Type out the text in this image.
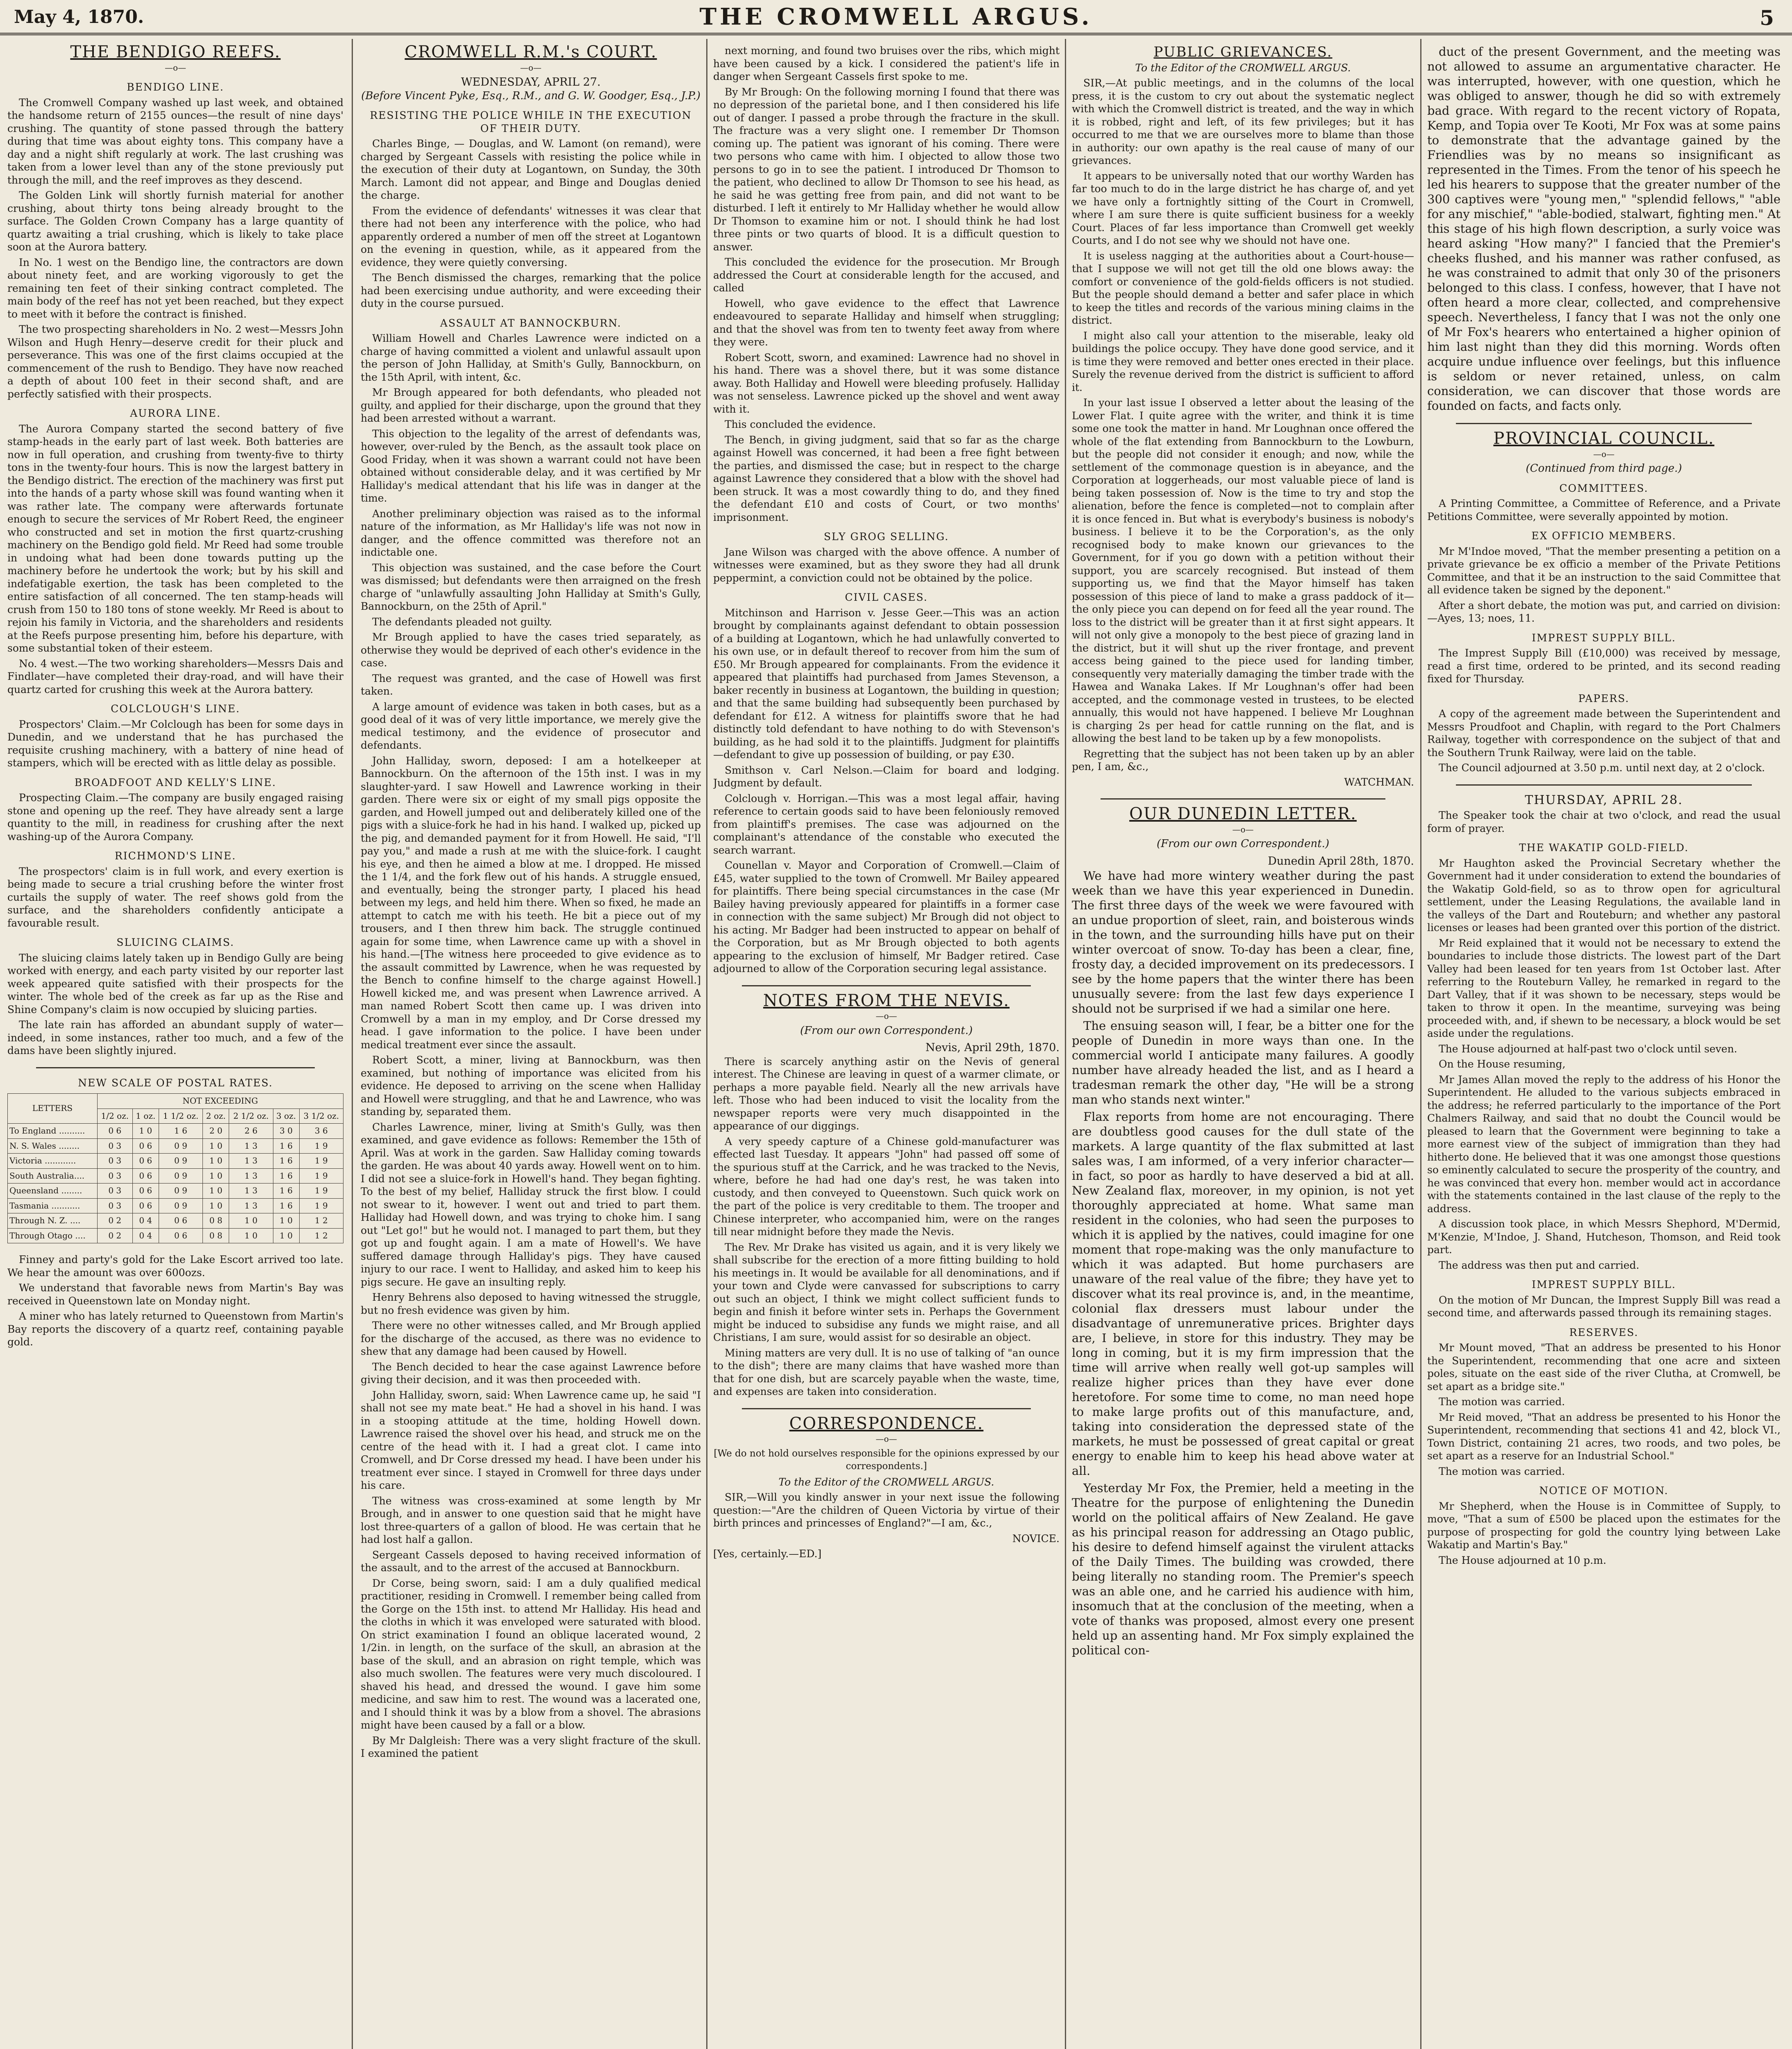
May 4, 1870.	THE CROMWELL ARGUS.	5
THE BENDIGO REEFS.
—o—
BENDIGO LINE.

The Cromwell Company washed up last week, and obtained the handsome return of 2155 ounces—the result of nine days' crushing. The quantity of stone passed through the battery during that time was about eighty tons. This company have a day and a night shift regularly at work. The last crushing was taken from a lower level than any of the stone previously put through the mill, and the reef improves as they descend.

The Golden Link will shortly furnish material for another crushing, about thirty tons being already brought to the surface. The Golden Crown Company has a large quantity of quartz awaiting a trial crushing, which is likely to take place soon at the Aurora battery.

In No. 1 west on the Bendigo line, the contractors are down about ninety feet, and are working vigorously to get the remaining ten feet of their sinking contract completed. The main body of the reef has not yet been reached, but they expect to meet with it before the contract is finished.

The two prospecting shareholders in No. 2 west—Messrs John Wilson and Hugh Henry—deserve credit for their pluck and perseverance. This was one of the first claims occupied at the commencement of the rush to Bendigo. They have now reached a depth of about 100 feet in their second shaft, and are perfectly satisfied with their prospects.

AURORA LINE.

The Aurora Company started the second battery of five stamp-heads in the early part of last week. Both batteries are now in full operation, and crushing from twenty-five to thirty tons in the twenty-four hours. This is now the largest battery in the Bendigo district. The erection of the machinery was first put into the hands of a party whose skill was found wanting when it was rather late. The company were afterwards fortunate enough to secure the services of Mr Robert Reed, the engineer who constructed and set in motion the first quartz-crushing machinery on the Bendigo gold field. Mr Reed had some trouble in undoing what had been done towards putting up the machinery before he undertook the work; but by his skill and indefatigable exertion, the task has been completed to the entire satisfaction of all concerned. The ten stamp-heads will crush from 150 to 180 tons of stone weekly. Mr Reed is about to rejoin his family in Victoria, and the shareholders and residents at the Reefs purpose presenting him, before his departure, with some substantial token of their esteem.

No. 4 west.—The two working shareholders—Messrs Dais and Findlater—have completed their dray-road, and will have their quartz carted for crushing this week at the Aurora battery.

COLCLOUGH'S LINE.

Prospectors' Claim.—Mr Colclough has been for some days in Dunedin, and we understand that he has purchased the requisite crushing machinery, with a battery of nine head of stampers, which will be erected with as little delay as possible.

BROADFOOT AND KELLY'S LINE.

Prospecting Claim.—The company are busily engaged raising stone and opening up the reef. They have already sent a large quantity to the mill, in readiness for crushing after the next washing-up of the Aurora Company.

RICHMOND'S LINE.

The prospectors' claim is in full work, and every exertion is being made to secure a trial crushing before the winter frost curtails the supply of water. The reef shows gold from the surface, and the shareholders confidently anticipate a favourable result.

SLUICING CLAIMS.

The sluicing claims lately taken up in Bendigo Gully are being worked with energy, and each party visited by our reporter last week appeared quite satisfied with their prospects for the winter. The whole bed of the creek as far up as the Rise and Shine Company's claim is now occupied by sluicing parties.

The late rain has afforded an abundant supply of water—indeed, in some instances, rather too much, and a few of the dams have been slightly injured.

NEW SCALE OF POSTAL RATES.
LETTERS	NOT EXCEEDING						
	1/2 oz.	1 oz.	1 1/2 oz.	2 oz.	2 1/2 oz.	3 oz.	3 1/2 oz.
To England ..........	0 6	1 0	1 6	2 0	2 6	3 0	3 6
N. S. Wales ........	0 3	0 6	0 9	1 0	1 3	1 6	1 9
Victoria ............	0 3	0 6	0 9	1 0	1 3	1 6	1 9
South Australia....	0 3	0 6	0 9	1 0	1 3	1 6	1 9
Queensland ........	0 3	0 6	0 9	1 0	1 3	1 6	1 9
Tasmania ...........	0 3	0 6	0 9	1 0	1 3	1 6	1 9
Through N. Z. ....	0 2	0 4	0 6	0 8	1 0	1 0	1 2
Through Otago ....	0 2	0 4	0 6	0 8	1 0	1 0	1 2

Finney and party's gold for the Lake Escort arrived too late. We hear the amount was over 600ozs.

We understand that favorable news from Martin's Bay was received in Queenstown late on Monday night.

A miner who has lately returned to Queenstown from Martin's Bay reports the discovery of a quartz reef, containing payable gold.

CROMWELL R.M.'s COURT.
—o—
WEDNESDAY, APRIL 27.
(Before Vincent Pyke, Esq., R.M., and G. W. Goodger, Esq., J.P.)
RESISTING THE POLICE WHILE IN THE EXECUTION OF THEIR DUTY.

Charles Binge, — Douglas, and W. Lamont (on remand), were charged by Sergeant Cassels with resisting the police while in the execution of their duty at Logantown, on Sunday, the 30th March. Lamont did not appear, and Binge and Douglas denied the charge.

From the evidence of defendants' witnesses it was clear that there had not been any interference with the police, who had apparently ordered a number of men off the street at Logantown on the evening in question, while, as it appeared from the evidence, they were quietly conversing.

The Bench dismissed the charges, remarking that the police had been exercising undue authority, and were exceeding their duty in the course pursued.

ASSAULT AT BANNOCKBURN.

William Howell and Charles Lawrence were indicted on a charge of having committed a violent and unlawful assault upon the person of John Halliday, at Smith's Gully, Bannockburn, on the 15th April, with intent, &c.

Mr Brough appeared for both defendants, who pleaded not guilty, and applied for their discharge, upon the ground that they had been arrested without a warrant.

This objection to the legality of the arrest of defendants was, however, over-ruled by the Bench, as the assault took place on Good Friday, when it was shown a warrant could not have been obtained without considerable delay, and it was certified by Mr Halliday's medical attendant that his life was in danger at the time.

Another preliminary objection was raised as to the informal nature of the information, as Mr Halliday's life was not now in danger, and the offence committed was therefore not an indictable one.

This objection was sustained, and the case before the Court was dismissed; but defendants were then arraigned on the fresh charge of "unlawfully assaulting John Halliday at Smith's Gully, Bannockburn, on the 25th of April."

The defendants pleaded not guilty.

Mr Brough applied to have the cases tried separately, as otherwise they would be deprived of each other's evidence in the case.

The request was granted, and the case of Howell was first taken.

A large amount of evidence was taken in both cases, but as a good deal of it was of very little importance, we merely give the medical testimony, and the evidence of prosecutor and defendants.

John Halliday, sworn, deposed: I am a hotelkeeper at Bannockburn. On the afternoon of the 15th inst. I was in my slaughter-yard. I saw Howell and Lawrence working in their garden. There were six or eight of my small pigs opposite the garden, and Howell jumped out and deliberately killed one of the pigs with a sluice-fork he had in his hand. I walked up, picked up the pig, and demanded payment for it from Howell. He said, "I'll pay you," and made a rush at me with the sluice-fork. I caught his eye, and then he aimed a blow at me. I dropped. He missed the 1 1/4, and the fork flew out of his hands. A struggle ensued, and eventually, being the stronger party, I placed his head between my legs, and held him there. When so fixed, he made an attempt to catch me with his teeth. He bit a piece out of my trousers, and I then threw him back. The struggle continued again for some time, when Lawrence came up with a shovel in his hand.—[The witness here proceeded to give evidence as to the assault committed by Lawrence, when he was requested by the Bench to confine himself to the charge against Howell.] Howell kicked me, and was present when Lawrence arrived. A man named Robert Scott then came up. I was driven into Cromwell by a man in my employ, and Dr Corse dressed my head. I gave information to the police. I have been under medical treatment ever since the assault.

Robert Scott, a miner, living at Bannockburn, was then examined, but nothing of importance was elicited from his evidence. He deposed to arriving on the scene when Halliday and Howell were struggling, and that he and Lawrence, who was standing by, separated them.

Charles Lawrence, miner, living at Smith's Gully, was then examined, and gave evidence as follows: Remember the 15th of April. Was at work in the garden. Saw Halliday coming towards the garden. He was about 40 yards away. Howell went on to him. I did not see a sluice-fork in Howell's hand. They began fighting. To the best of my belief, Halliday struck the first blow. I could not swear to it, however. I went out and tried to part them. Halliday had Howell down, and was trying to choke him. I sang out "Let go!" but he would not. I managed to part them, but they got up and fought again. I am a mate of Howell's. We have suffered damage through Halliday's pigs. They have caused injury to our race. I went to Halliday, and asked him to keep his pigs secure. He gave an insulting reply.

Henry Behrens also deposed to having witnessed the struggle, but no fresh evidence was given by him.

There were no other witnesses called, and Mr Brough applied for the discharge of the accused, as there was no evidence to shew that any damage had been caused by Howell.

The Bench decided to hear the case against Lawrence before giving their decision, and it was then proceeded with.

John Halliday, sworn, said: When Lawrence came up, he said "I shall not see my mate beat." He had a shovel in his hand. I was in a stooping attitude at the time, holding Howell down. Lawrence raised the shovel over his head, and struck me on the centre of the head with it. I had a great clot. I came into Cromwell, and Dr Corse dressed my head. I have been under his treatment ever since. I stayed in Cromwell for three days under his care.

The witness was cross-examined at some length by Mr Brough, and in answer to one question said that he might have lost three-quarters of a gallon of blood. He was certain that he had lost half a gallon.

Sergeant Cassels deposed to having received information of the assault, and to the arrest of the accused at Bannockburn.

Dr Corse, being sworn, said: I am a duly qualified medical practitioner, residing in Cromwell. I remember being called from the Gorge on the 15th inst. to attend Mr Halliday. His head and the cloths in which it was enveloped were saturated with blood. On strict examination I found an oblique lacerated wound, 2 1/2in. in length, on the surface of the skull, an abrasion at the base of the skull, and an abrasion on right temple, which was also much swollen. The features were very much discoloured. I shaved his head, and dressed the wound. I gave him some medicine, and saw him to rest. The wound was a lacerated one, and I should think it was by a blow from a shovel. The abrasions might have been caused by a fall or a blow.

By Mr Dalgleish: There was a very slight fracture of the skull. I examined the patient

next morning, and found two bruises over the ribs, which might have been caused by a kick. I considered the patient's life in danger when Sergeant Cassels first spoke to me.

By Mr Brough: On the following morning I found that there was no depression of the parietal bone, and I then considered his life out of danger. I passed a probe through the fracture in the skull. The fracture was a very slight one. I remember Dr Thomson coming up. The patient was ignorant of his coming. There were two persons who came with him. I objected to allow those two persons to go in to see the patient. I introduced Dr Thomson to the patient, who declined to allow Dr Thomson to see his head, as he said he was getting free from pain, and did not want to be disturbed. I left it entirely to Mr Halliday whether he would allow Dr Thomson to examine him or not. I should think he had lost three pints or two quarts of blood. It is a difficult question to answer.

This concluded the evidence for the prosecution. Mr Brough addressed the Court at considerable length for the accused, and called

Howell, who gave evidence to the effect that Lawrence endeavoured to separate Halliday and himself when struggling; and that the shovel was from ten to twenty feet away from where they were.

Robert Scott, sworn, and examined: Lawrence had no shovel in his hand. There was a shovel there, but it was some distance away. Both Halliday and Howell were bleeding profusely. Halliday was not senseless. Lawrence picked up the shovel and went away with it.

This concluded the evidence.

The Bench, in giving judgment, said that so far as the charge against Howell was concerned, it had been a free fight between the parties, and dismissed the case; but in respect to the charge against Lawrence they considered that a blow with the shovel had been struck. It was a most cowardly thing to do, and they fined the defendant £10 and costs of Court, or two months' imprisonment.

SLY GROG SELLING.

Jane Wilson was charged with the above offence. A number of witnesses were examined, but as they swore they had all drunk peppermint, a conviction could not be obtained by the police.

CIVIL CASES.

Mitchinson and Harrison v. Jesse Geer.—This was an action brought by complainants against defendant to obtain possession of a building at Logantown, which he had unlawfully converted to his own use, or in default thereof to recover from him the sum of £50. Mr Brough appeared for complainants. From the evidence it appeared that plaintiffs had purchased from James Stevenson, a baker recently in business at Logantown, the building in question; and that the same building had subsequently been purchased by defendant for £12. A witness for plaintiffs swore that he had distinctly told defendant to have nothing to do with Stevenson's building, as he had sold it to the plaintiffs. Judgment for plaintiffs—defendant to give up possession of building, or pay £30.

Smithson v. Carl Nelson.—Claim for board and lodging. Judgment by default.

Colclough v. Horrigan.—This was a most legal affair, having reference to certain goods said to have been feloniously removed from plaintiff's premises. The case was adjourned on the complainant's attendance of the constable who executed the search warrant.

Counellan v. Mayor and Corporation of Cromwell.—Claim of £45, water supplied to the town of Cromwell. Mr Bailey appeared for plaintiffs. There being special circumstances in the case (Mr Bailey having previously appeared for plaintiffs in a former case in connection with the same subject) Mr Brough did not object to his acting. Mr Badger had been instructed to appear on behalf of the Corporation, but as Mr Brough objected to both agents appearing to the exclusion of himself, Mr Badger retired. Case adjourned to allow of the Corporation securing legal assistance.

NOTES FROM THE NEVIS.
—o—
(From our own Correspondent.)
Nevis, April 29th, 1870.

There is scarcely anything astir on the Nevis of general interest. The Chinese are leaving in quest of a warmer climate, or perhaps a more payable field. Nearly all the new arrivals have left. Those who had been induced to visit the locality from the newspaper reports were very much disappointed in the appearance of our diggings.

A very speedy capture of a Chinese gold-manufacturer was effected last Tuesday. It appears "John" had passed off some of the spurious stuff at the Carrick, and he was tracked to the Nevis, where, before he had had one day's rest, he was taken into custody, and then conveyed to Queenstown. Such quick work on the part of the police is very creditable to them. The trooper and Chinese interpreter, who accompanied him, were on the ranges till near midnight before they made the Nevis.

The Rev. Mr Drake has visited us again, and it is very likely we shall subscribe for the erection of a more fitting building to hold his meetings in. It would be available for all denominations, and if your town and Clyde were canvassed for subscriptions to carry out such an object, I think we might collect sufficient funds to begin and finish it before winter sets in. Perhaps the Government might be induced to subsidise any funds we might raise, and all Christians, I am sure, would assist for so desirable an object.

Mining matters are very dull. It is no use of talking of "an ounce to the dish"; there are many claims that have washed more than that for one dish, but are scarcely payable when the waste, time, and expenses are taken into consideration.

CORRESPONDENCE.
—o—

[We do not hold ourselves responsible for the opinions expressed by our correspondents.]

To the Editor of the CROMWELL ARGUS.

SIR,—Will you kindly answer in your next issue the following question:—"Are the children of Queen Victoria by virtue of their birth princes and princesses of England?"—I am, &c.,

NOVICE.

[Yes, certainly.—ED.]

PUBLIC GRIEVANCES.

To the Editor of the CROMWELL ARGUS.

SIR,—At public meetings, and in the columns of the local press, it is the custom to cry out about the systematic neglect with which the Cromwell district is treated, and the way in which it is robbed, right and left, of its few privileges; but it has occurred to me that we are ourselves more to blame than those in authority: our own apathy is the real cause of many of our grievances.

It appears to be universally noted that our worthy Warden has far too much to do in the large district he has charge of, and yet we have only a fortnightly sitting of the Court in Cromwell, where I am sure there is quite sufficient business for a weekly Court. Places of far less importance than Cromwell get weekly Courts, and I do not see why we should not have one.

It is useless nagging at the authorities about a Court-house—that I suppose we will not get till the old one blows away: the comfort or convenience of the gold-fields officers is not studied. But the people should demand a better and safer place in which to keep the titles and records of the various mining claims in the district.

I might also call your attention to the miserable, leaky old buildings the police occupy. They have done good service, and it is time they were removed and better ones erected in their place. Surely the revenue derived from the district is sufficient to afford it.

In your last issue I observed a letter about the leasing of the Lower Flat. I quite agree with the writer, and think it is time some one took the matter in hand. Mr Loughnan once offered the whole of the flat extending from Bannockburn to the Lowburn, but the people did not consider it enough; and now, while the settlement of the commonage question is in abeyance, and the Corporation at loggerheads, our most valuable piece of land is being taken possession of. Now is the time to try and stop the alienation, before the fence is completed—not to complain after it is once fenced in. But what is everybody's business is nobody's business. I believe it to be the Corporation's, as the only recognised body to make known our grievances to the Government, for if you go down with a petition without their support, you are scarcely recognised. But instead of them supporting us, we find that the Mayor himself has taken possession of this piece of land to make a grass paddock of it—the only piece you can depend on for feed all the year round. The loss to the district will be greater than it at first sight appears. It will not only give a monopoly to the best piece of grazing land in the district, but it will shut up the river frontage, and prevent access being gained to the piece used for landing timber, consequently very materially damaging the timber trade with the Hawea and Wanaka Lakes. If Mr Loughnan's offer had been accepted, and the commonage vested in trustees, to be elected annually, this would not have happened. I believe Mr Loughnan is charging 2s per head for cattle running on the flat, and is allowing the best land to be taken up by a few monopolists.

Regretting that the subject has not been taken up by an abler pen, I am, &c.,

WATCHMAN.

OUR DUNEDIN LETTER.
—o—
(From our own Correspondent.)
Dunedin April 28th, 1870.

We have had more wintery weather during the past week than we have this year experienced in Dunedin. The first three days of the week we were favoured with an undue proportion of sleet, rain, and boisterous winds in the town, and the surrounding hills have put on their winter overcoat of snow. To-day has been a clear, fine, frosty day, a decided improvement on its predecessors. I see by the home papers that the winter there has been unusually severe: from the last few days experience I should not be surprised if we had a similar one here.

The ensuing season will, I fear, be a bitter one for the people of Dunedin in more ways than one. In the commercial world I anticipate many failures. A goodly number have already headed the list, and as I heard a tradesman remark the other day, "He will be a strong man who stands next winter."

Flax reports from home are not encouraging. There are doubtless good causes for the dull state of the markets. A large quantity of the flax submitted at last sales was, I am informed, of a very inferior character—in fact, so poor as hardly to have deserved a bid at all. New Zealand flax, moreover, in my opinion, is not yet thoroughly appreciated at home. What same man resident in the colonies, who had seen the purposes to which it is applied by the natives, could imagine for one moment that rope-making was the only manufacture to which it was adapted. But home purchasers are unaware of the real value of the fibre; they have yet to discover what its real province is, and, in the meantime, colonial flax dressers must labour under the disadvantage of unremunerative prices. Brighter days are, I believe, in store for this industry. They may be long in coming, but it is my firm impression that the time will arrive when really well got-up samples will realize higher prices than they have ever done heretofore. For some time to come, no man need hope to make large profits out of this manufacture, and, taking into consideration the depressed state of the markets, he must be possessed of great capital or great energy to enable him to keep his head above water at all.

Yesterday Mr Fox, the Premier, held a meeting in the Theatre for the purpose of enlightening the Dunedin world on the political affairs of New Zealand. He gave as his principal reason for addressing an Otago public, his desire to defend himself against the virulent attacks of the Daily Times. The building was crowded, there being literally no standing room. The Premier's speech was an able one, and he carried his audience with him, insomuch that at the conclusion of the meeting, when a vote of thanks was proposed, almost every one present held up an assenting hand. Mr Fox simply explained the political con-

duct of the present Government, and the meeting was not allowed to assume an argumentative character. He was interrupted, however, with one question, which he was obliged to answer, though he did so with extremely bad grace. With regard to the recent victory of Ropata, Kemp, and Topia over Te Kooti, Mr Fox was at some pains to demonstrate that the advantage gained by the Friendlies was by no means so insignificant as represented in the Times. From the tenor of his speech he led his hearers to suppose that the greater number of the 300 captives were "young men," "splendid fellows," "able for any mischief," "able-bodied, stalwart, fighting men." At this stage of his high flown description, a surly voice was heard asking "How many?" I fancied that the Premier's cheeks flushed, and his manner was rather confused, as he was constrained to admit that only 30 of the prisoners belonged to this class. I confess, however, that I have not often heard a more clear, collected, and comprehensive speech. Nevertheless, I fancy that I was not the only one of Mr Fox's hearers who entertained a higher opinion of him last night than they did this morning. Words often acquire undue influence over feelings, but this influence is seldom or never retained, unless, on calm consideration, we can discover that those words are founded on facts, and facts only.

PROVINCIAL COUNCIL.
—o—
(Continued from third page.)
COMMITTEES.

A Printing Committee, a Committee of Reference, and a Private Petitions Committee, were severally appointed by motion.

EX OFFICIO MEMBERS.

Mr M'Indoe moved, "That the member presenting a petition on a private grievance be ex officio a member of the Private Petitions Committee, and that it be an instruction to the said Committee that all evidence taken be signed by the deponent."

After a short debate, the motion was put, and carried on division:—Ayes, 13; noes, 11.

IMPREST SUPPLY BILL.

The Imprest Supply Bill (£10,000) was received by message, read a first time, ordered to be printed, and its second reading fixed for Thursday.

PAPERS.

A copy of the agreement made between the Superintendent and Messrs Proudfoot and Chaplin, with regard to the Port Chalmers Railway, together with correspondence on the subject of that and the Southern Trunk Railway, were laid on the table.

The Council adjourned at 3.50 p.m. until next day, at 2 o'clock.

THURSDAY, APRIL 28.

The Speaker took the chair at two o'clock, and read the usual form of prayer.

THE WAKATIP GOLD-FIELD.

Mr Haughton asked the Provincial Secretary whether the Government had it under consideration to extend the boundaries of the Wakatip Gold-field, so as to throw open for agricultural settlement, under the Leasing Regulations, the available land in the valleys of the Dart and Routeburn; and whether any pastoral licenses or leases had been granted over this portion of the district.

Mr Reid explained that it would not be necessary to extend the boundaries to include those districts. The lowest part of the Dart Valley had been leased for ten years from 1st October last. After referring to the Routeburn Valley, he remarked in regard to the Dart Valley, that if it was shown to be necessary, steps would be taken to throw it open. In the meantime, surveying was being proceeded with, and, if shewn to be necessary, a block would be set aside under the regulations.

The House adjourned at half-past two o'clock until seven.

On the House resuming,

Mr James Allan moved the reply to the address of his Honor the Superintendent. He alluded to the various subjects embraced in the address; he referred particularly to the importance of the Port Chalmers Railway, and said that no doubt the Council would be pleased to learn that the Government were beginning to take a more earnest view of the subject of immigration than they had hitherto done. He believed that it was one amongst those questions so eminently calculated to secure the prosperity of the country, and he was convinced that every hon. member would act in accordance with the statements contained in the last clause of the reply to the address.

A discussion took place, in which Messrs Shephord, M'Dermid, M'Kenzie, M'Indoe, J. Shand, Hutcheson, Thomson, and Reid took part.

The address was then put and carried.

IMPREST SUPPLY BILL.

On the motion of Mr Duncan, the Imprest Supply Bill was read a second time, and afterwards passed through its remaining stages.

RESERVES.

Mr Mount moved, "That an address be presented to his Honor the Superintendent, recommending that one acre and sixteen poles, situate on the east side of the river Clutha, at Cromwell, be set apart as a bridge site."

The motion was carried.

Mr Reid moved, "That an address be presented to his Honor the Superintendent, recommending that sections 41 and 42, block VI., Town District, containing 21 acres, two roods, and two poles, be set apart as a reserve for an Industrial School."

The motion was carried.

NOTICE OF MOTION.

Mr Shepherd, when the House is in Committee of Supply, to move, "That a sum of £500 be placed upon the estimates for the purpose of prospecting for gold the country lying between Lake Wakatip and Martin's Bay."

The House adjourned at 10 p.m.
